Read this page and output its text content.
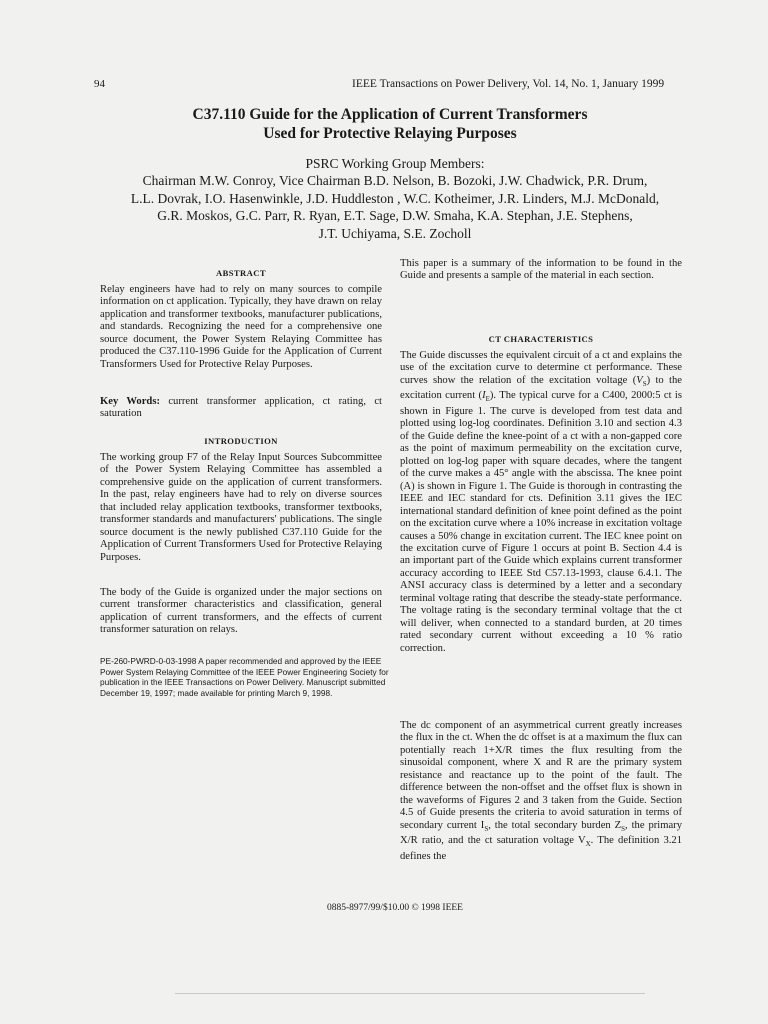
94	IEEE Transactions on Power Delivery, Vol. 14, No. 1, January 1999
C37.110 Guide for the Application of Current Transformers
Used for Protective Relaying Purposes
PSRC Working Group Members:
Chairman M.W. Conroy, Vice Chairman B.D. Nelson, B. Bozoki, J.W. Chadwick, P.R. Drum,
L.L. Dovrak, I.O. Hasenwinkle, J.D. Huddleston , W.C. Kotheimer, J.R. Linders, M.J. McDonald,
G.R. Moskos, G.C. Parr, R. Ryan, E.T. Sage, D.W. Smaha, K.A. Stephan, J.E. Stephens,
J.T. Uchiyama, S.E. Zocholl
ABSTRACT
Relay engineers have had to rely on many sources to compile information on ct application. Typically, they have drawn on relay application and transformer textbooks, manufacturer publications, and standards. Recognizing the need for a comprehensive one source document, the Power System Relaying Committee has produced the C37.110-1996 Guide for the Application of Current Transformers Used for Protective Relay Purposes.
Key Words: current transformer application, ct rating, ct saturation
INTRODUCTION
The working group F7 of the Relay Input Sources Subcommittee of the Power System Relaying Committee has assembled a comprehensive guide on the application of current transformers. In the past, relay engineers have had to rely on diverse sources that included relay application textbooks, transformer textbooks, transformer standards and manufacturers' publications. The single source document is the newly published C37.110 Guide for the Application of Current Transformers Used for Protective Relaying Purposes.
The body of the Guide is organized under the major sections on current transformer characteristics and classification, general application of current transformers, and the effects of current transformer saturation on relays.
PE-260-PWRD-0-03-1998 A paper recommended and approved by the IEEE Power System Relaying Committee of the IEEE Power Engineering Society for publication in the IEEE Transactions on Power Delivery. Manuscript submitted December 19, 1997; made available for printing March 9, 1998.
This paper is a summary of the information to be found in the Guide and presents a sample of the material in each section.
CT CHARACTERISTICS
The Guide discusses the equivalent circuit of a ct and explains the use of the excitation curve to determine ct performance. These curves show the relation of the excitation voltage $(V_S)$ to the excitation current $(I_E)$. The typical curve for a C400, 2000:5 ct is shown in Figure 1. The curve is developed from test data and plotted using log-log coordinates. Definition 3.10 and section 4.3 of the Guide define the knee-point of a ct with a non-gapped core as the point of maximum permeability on the excitation curve, plotted on log-log paper with square decades, where the tangent of the curve makes a 45° angle with the abscissa. The knee point (A) is shown in Figure 1. The Guide is thorough in contrasting the IEEE and IEC standard for cts. Definition 3.11 gives the IEC international standard definition of knee point defined as the point on the excitation curve where a 10% increase in excitation voltage causes a 50% change in excitation current. The IEC knee point on the excitation curve of Figure 1 occurs at point B. Section 4.4 is an important part of the Guide which explains current transformer accuracy according to IEEE Std C57.13-1993, clause 6.4.1. The ANSI accuracy class is determined by a letter and a secondary terminal voltage rating that describe the steady-state performance. The voltage rating is the secondary terminal voltage that the ct will deliver, when connected to a standard burden, at 20 times rated secondary current without exceeding a 10 % ratio correction.
The dc component of an asymmetrical current greatly increases the flux in the ct. When the dc offset is at a maximum the flux can potentially reach 1+X/R times the flux resulting from the sinusoidal component, where X and R are the primary system resistance and reactance up to the point of the fault. The difference between the non-offset and the offset flux is shown in the waveforms of Figures 2 and 3 taken from the Guide. Section 4.5 of Guide presents the criteria to avoid saturation in terms of secondary current $I_S$, the total secondary burden $Z_S$, the primary X/R ratio, and the ct saturation voltage $V_X$. The definition 3.21 defines the
0885-8977/99/$10.00 © 1998 IEEE
